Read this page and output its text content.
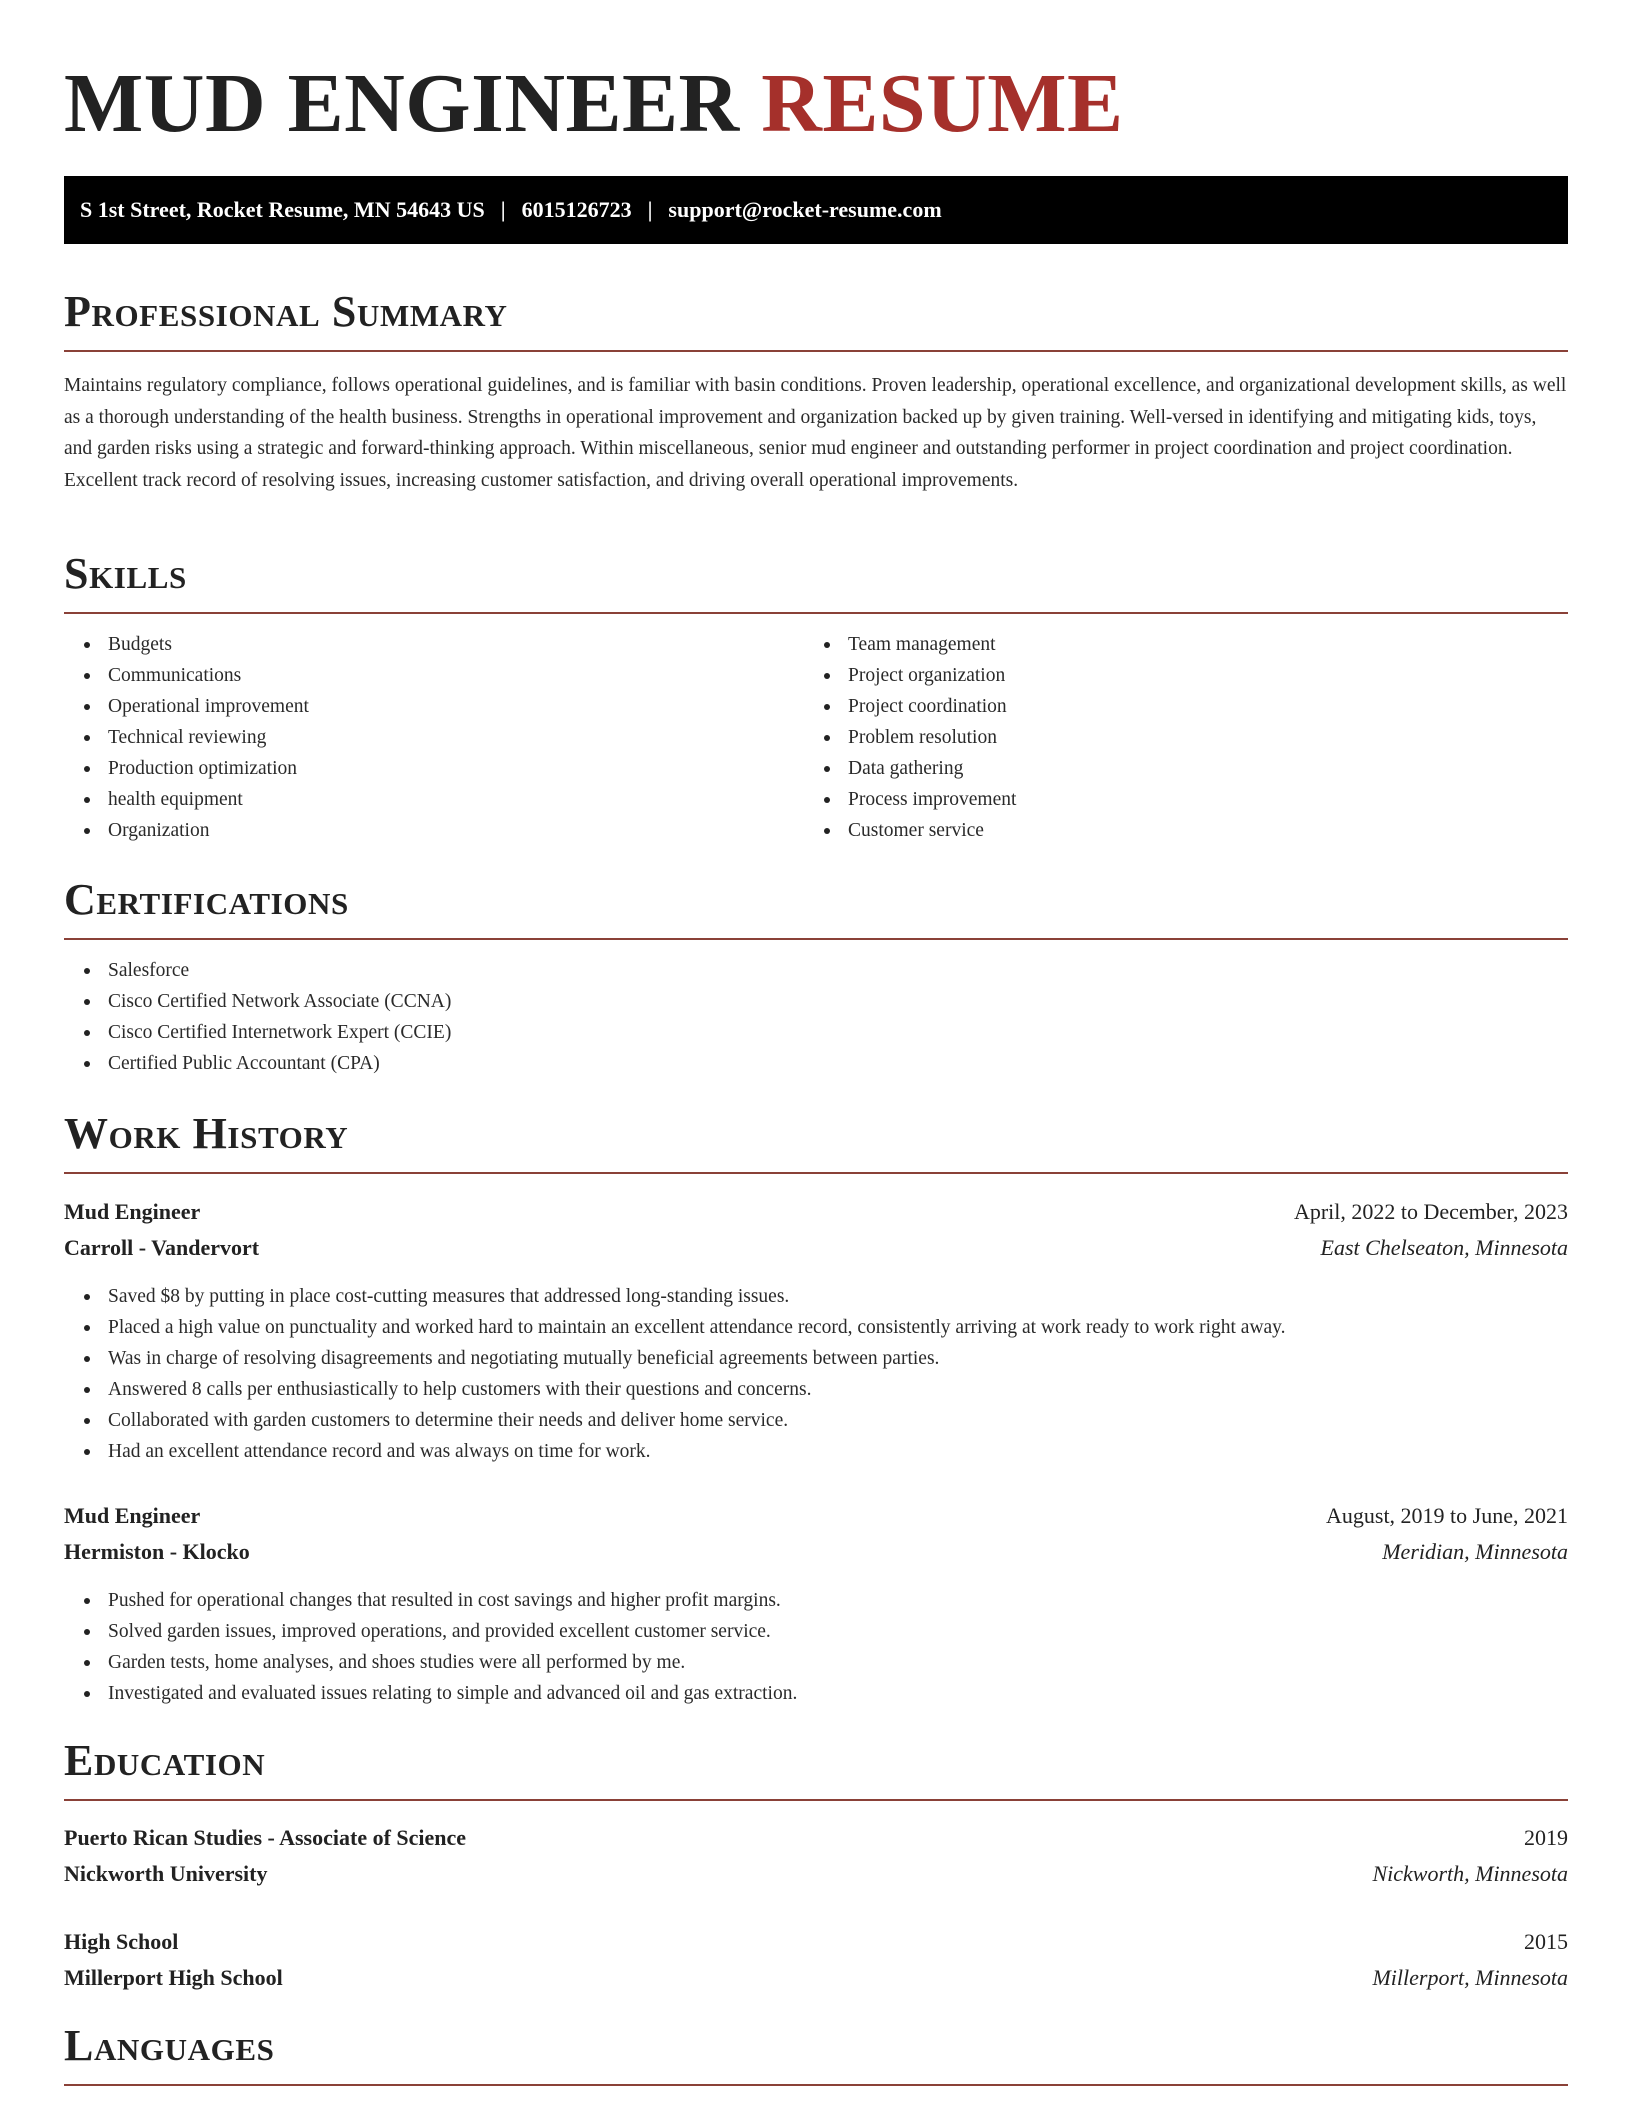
MUD ENGINEER RESUME
S 1st Street, Rocket Resume, MN 54643 US | 6015126723 | support@rocket-resume.com
Professional Summary

Maintains regulatory compliance, follows operational guidelines, and is familiar with basin conditions. Proven leadership, operational excellence, and organizational development skills, as well as a thorough understanding of the health business. Strengths in operational improvement and organization backed up by given training. Well-versed in identifying and mitigating kids, toys, and garden risks using a strategic and forward-thinking approach. Within miscellaneous, senior mud engineer and outstanding performer in project coordination and project coordination. Excellent track record of resolving issues, increasing customer satisfaction, and driving overall operational improvements.

Skills
Budgets
Communications
Operational improvement
Technical reviewing
Production optimization
health equipment
Organization
Team management
Project organization
Project coordination
Problem resolution
Data gathering
Process improvement
Customer service
Certifications
Salesforce
Cisco Certified Network Associate (CCNA)
Cisco Certified Internetwork Expert (CCIE)
Certified Public Accountant (CPA)
Work History
Mud Engineer	April, 2022 to December, 2023
Carroll - Vandervort	East Chelseaton, Minnesota
Saved $8 by putting in place cost-cutting measures that addressed long-standing issues.
Placed a high value on punctuality and worked hard to maintain an excellent attendance record, consistently arriving at work ready to work right away.
Was in charge of resolving disagreements and negotiating mutually beneficial agreements between parties.
Answered 8 calls per enthusiastically to help customers with their questions and concerns.
Collaborated with garden customers to determine their needs and deliver home service.
Had an excellent attendance record and was always on time for work.
Mud Engineer	August, 2019 to June, 2021
Hermiston - Klocko	Meridian, Minnesota
Pushed for operational changes that resulted in cost savings and higher profit margins.
Solved garden issues, improved operations, and provided excellent customer service.
Garden tests, home analyses, and shoes studies were all performed by me.
Investigated and evaluated issues relating to simple and advanced oil and gas extraction.
Education
Puerto Rican Studies - Associate of Science	2019
Nickworth University	Nickworth, Minnesota
High School	2015
Millerport High School	Millerport, Minnesota
Languages
